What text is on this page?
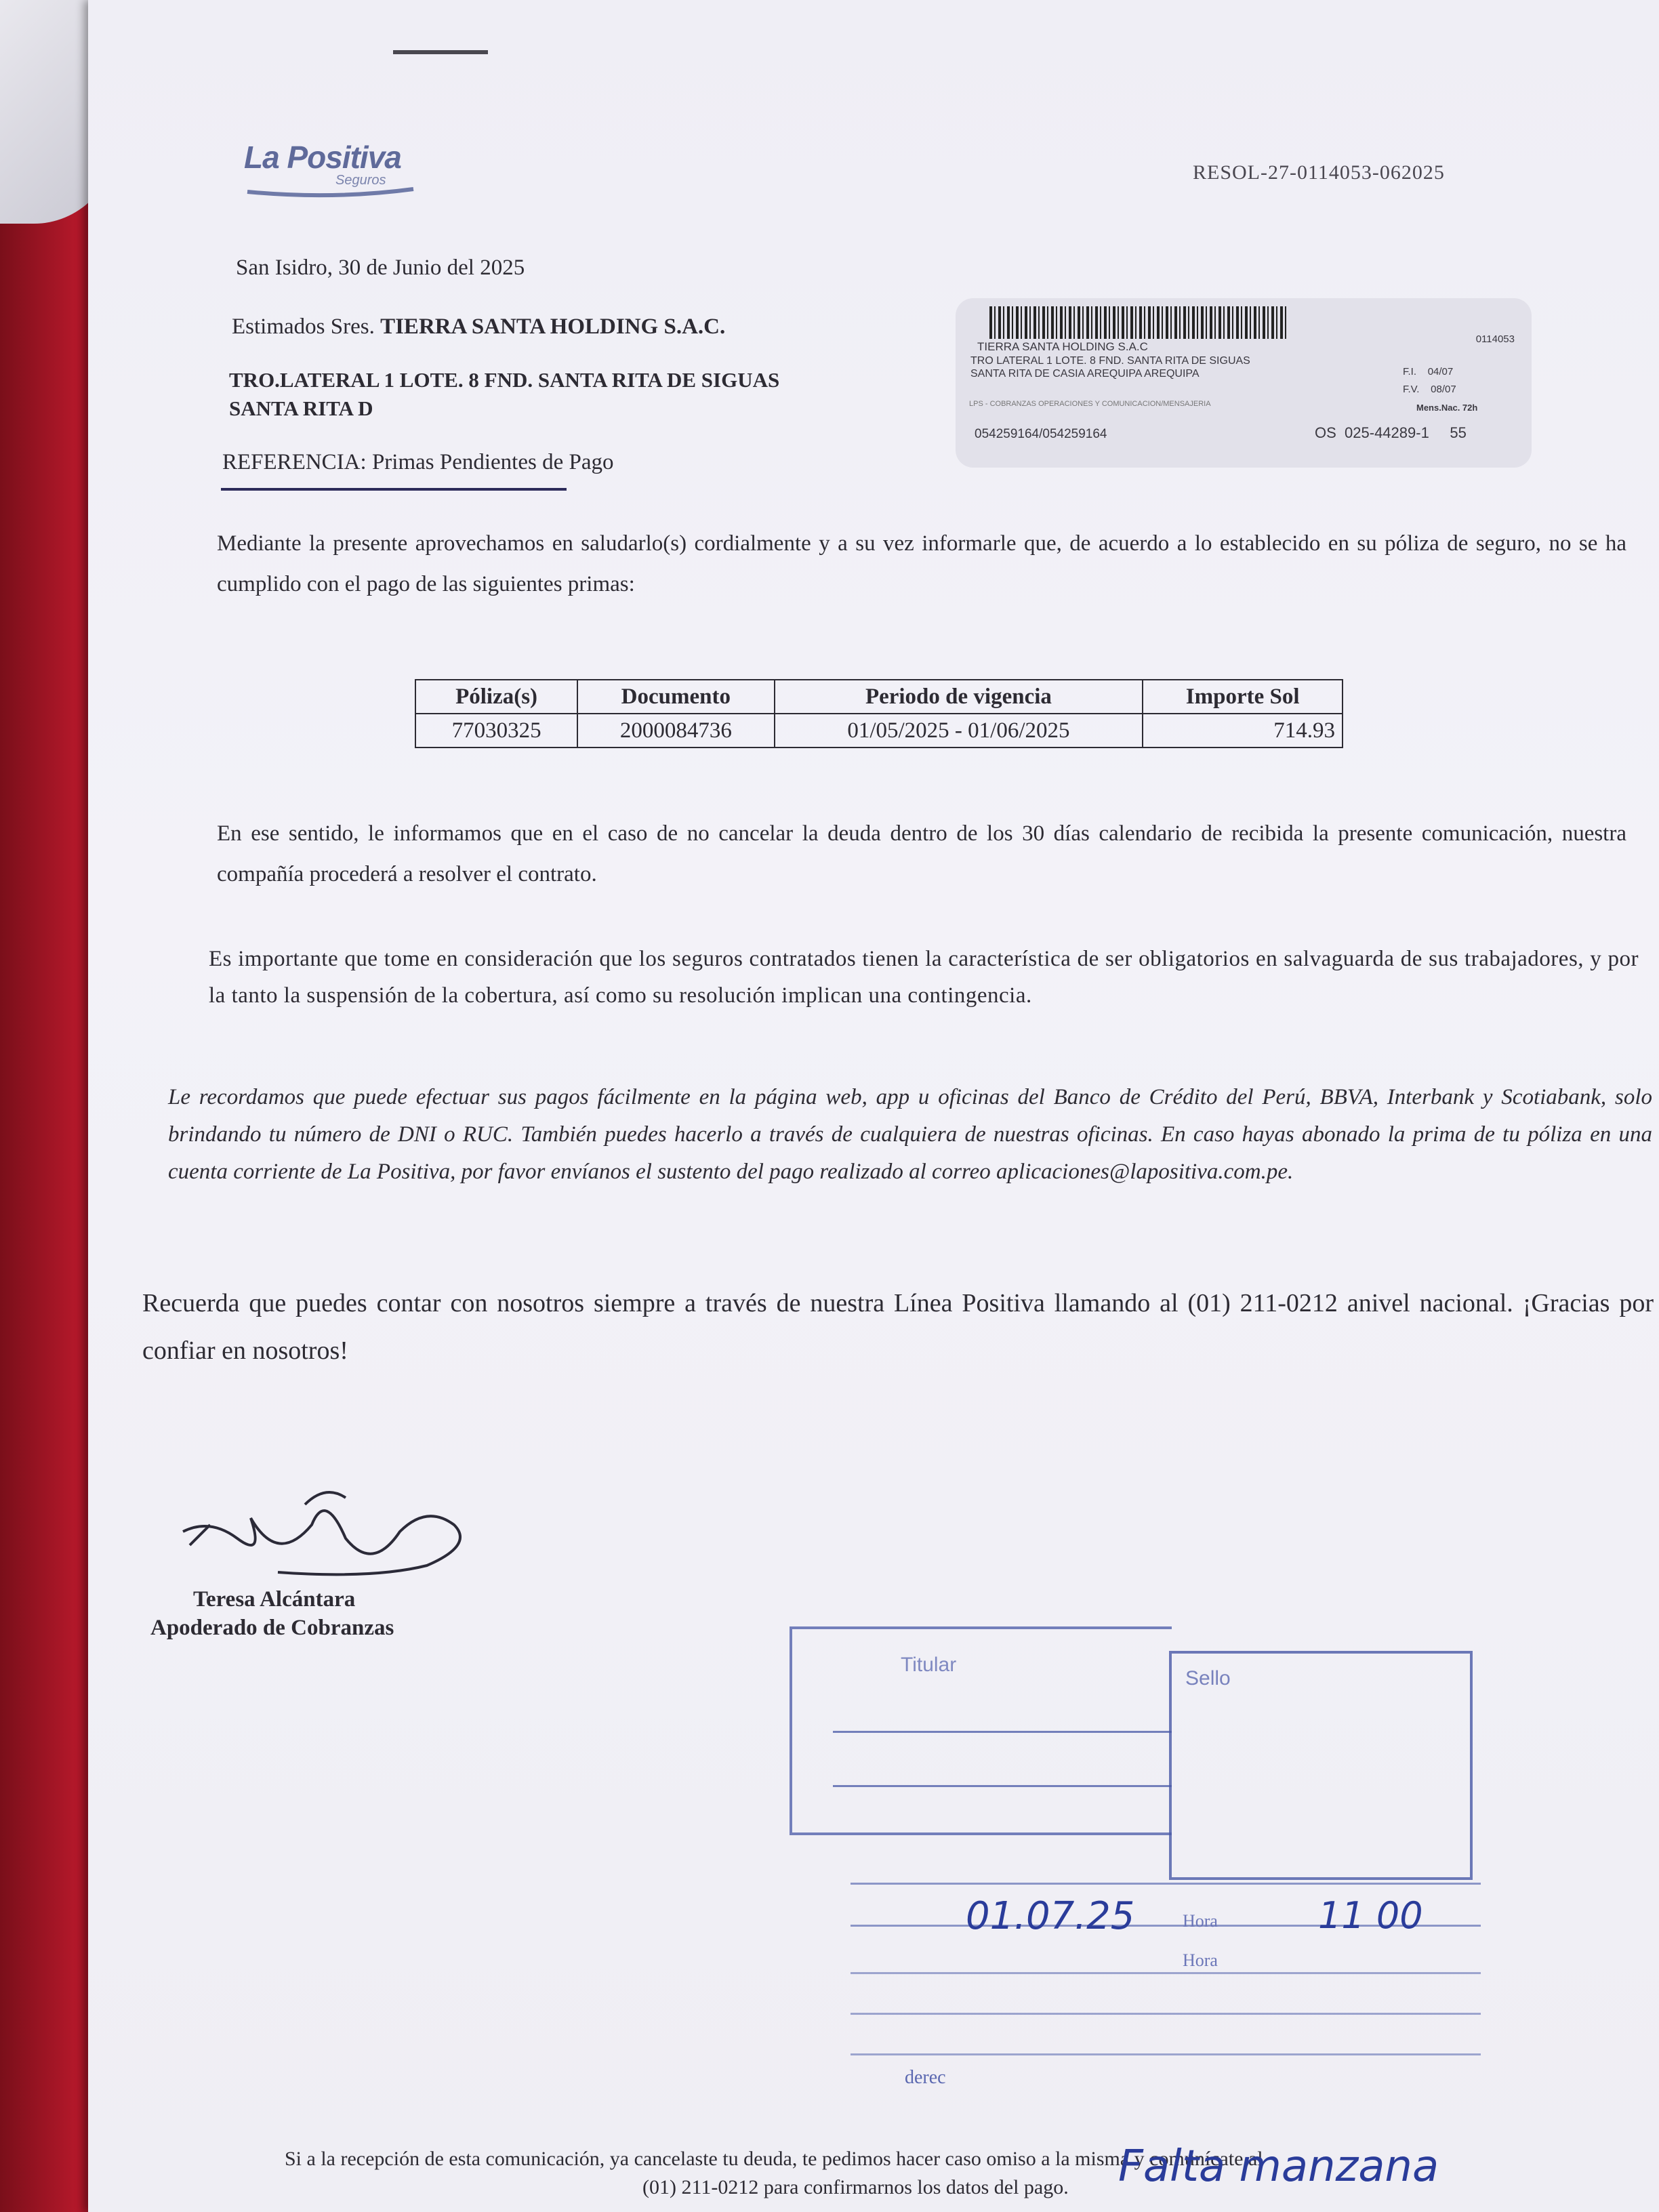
La Positiva
Seguros	RESOL-27-0114053-062025
San Isidro, 30 de Junio del 2025
Estimados Sres. TIERRA SANTA HOLDING S.A.C.
TRO.LATERAL 1 LOTE. 8 FND. SANTA RITA DE SIGUAS
SANTA RITA D
REFERENCIA: Primas Pendientes de Pago
0114053
TIERRA SANTA HOLDING S.A.C
TRO LATERAL 1 LOTE. 8 FND. SANTA RITA DE SIGUAS
SANTA RITA DE CASIA AREQUIPA AREQUIPA	F.I. 04/07
F.V. 08/07
LPS - COBRANZAS OPERACIONES Y COMUNICACION/MENSAJERIA	Mens.Nac. 72h
054259164/054259164	OS 025-44289-1 55
Mediante la presente aprovechamos en saludarlo(s) cordialmente y a su vez informarle que, de acuerdo a lo establecido en su póliza de seguro, no se ha cumplido con el pago de las siguientes primas:
Póliza(s)	Documento	Periodo de vigencia	Importe Sol
77030325	2000084736	01/05/2025 - 01/06/2025	714.93
En ese sentido, le informamos que en el caso de no cancelar la deuda dentro de los 30 días calendario de recibida la presente comunicación, nuestra compañía procederá a resolver el contrato.
Es importante que tome en consideración que los seguros contratados tienen la característica de ser obligatorios en salvaguarda de sus trabajadores, y por la tanto la suspensión de la cobertura, así como su resolución implican una contingencia.
Le recordamos que puede efectuar sus pagos fácilmente en la página web, app u oficinas del Banco de Crédito del Perú, BBVA, Interbank y Scotiabank, solo brindando tu número de DNI o RUC. También puedes hacerlo a través de cualquiera de nuestras oficinas. En caso hayas abonado la prima de tu póliza en una cuenta corriente de La Positiva, por favor envíanos el sustento del pago realizado al correo aplicaciones@lapositiva.com.pe.
Recuerda que puedes contar con nosotros siempre a través de nuestra Línea Positiva llamando al (01) 211-0212 anivel nacional. ¡Gracias por confiar en nosotros!
Teresa Alcántara
Apoderado de Cobranzas
Titular
Sello
01.07.25	Hora
Hora
11 00
derec
Si a la recepción de esta comunicación, ya cancelaste tu deuda, te pedimos hacer caso omiso a la misma y comunícate al
(01) 211-0212 para confirmarnos los datos del pago. Falta manzana
